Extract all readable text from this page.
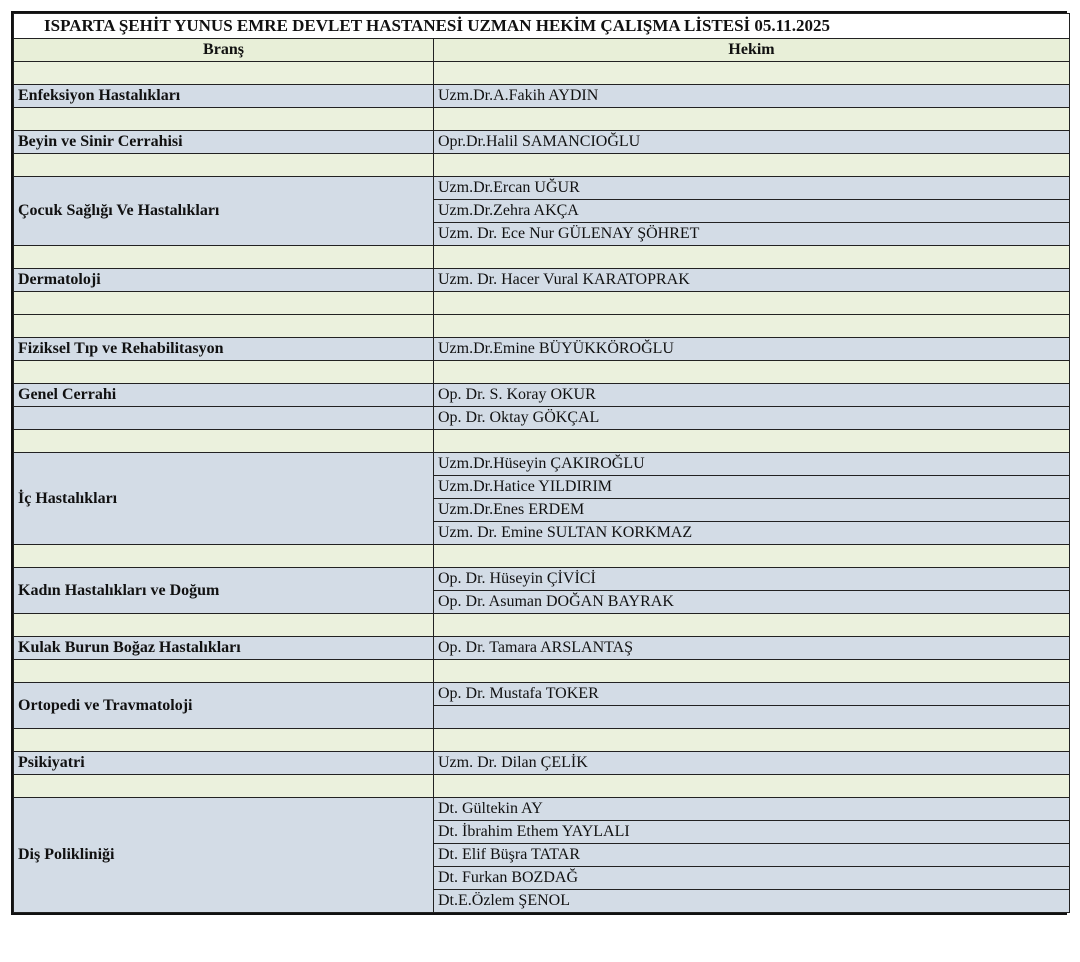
ISPARTA ŞEHİT YUNUS EMRE DEVLET HASTANESİ UZMAN HEKİM ÇALIŞMA LİSTESİ 05.11.2025	
Branş	Hekim

Enfeksiyon Hastalıkları	Uzm.Dr.A.Fakih AYDIN

Beyin ve Sinir Cerrahisi	Opr.Dr.Halil SAMANCIOĞLU

Çocuk Sağlığı Ve Hastalıkları	Uzm.Dr.Ercan UĞUR
	Uzm.Dr.Zehra AKÇA
	Uzm. Dr. Ece Nur GÜLENAY ŞÖHRET

Dermatoloji	Uzm. Dr. Hacer Vural KARATOPRAK

Fiziksel Tıp ve Rehabilitasyon	Uzm.Dr.Emine BÜYÜKKÖROĞLU

Genel Cerrahi	Op. Dr. S. Koray OKUR
	Op. Dr. Oktay GÖKÇAL

İç Hastalıkları	Uzm.Dr.Hüseyin ÇAKIROĞLU
	Uzm.Dr.Hatice YILDIRIM
	Uzm.Dr.Enes ERDEM
	Uzm. Dr. Emine SULTAN KORKMAZ

Kadın Hastalıkları ve Doğum	Op. Dr. Hüseyin ÇİVİCİ
	Op. Dr. Asuman DOĞAN BAYRAK

Kulak Burun Boğaz Hastalıkları	Op. Dr. Tamara ARSLANTAŞ

Ortopedi ve Travmatoloji	Op. Dr. Mustafa TOKER

Psikiyatri	Uzm. Dr. Dilan ÇELİK

Diş Polikliniği	Dt. Gültekin AY
	Dt. İbrahim Ethem YAYLALI
	Dt. Elif Büşra TATAR
	Dt. Furkan BOZDAĞ
	Dt.E.Özlem ŞENOL
